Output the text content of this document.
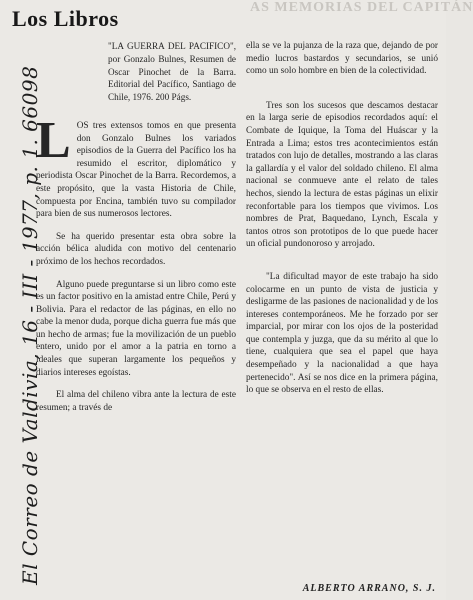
Los Libros	AS MEMORIAS DEL CAPITÁN
El Correo de Valdivia, 16 - III - 1977, p. 1. 66098
"LA GUERRA DEL PACIFICO", por Gonzalo Bulnes, Resumen de Oscar Pinochet de la Barra. Editorial del Pacífico, Santiago de Chile, 1976. 200 Págs.
L OS tres extensos tomos en que presenta don Gonzalo Bulnes los variados episodios de la Guerra del Pacífico los ha resumido el escritor, diplomático y periodista Oscar Pinochet de la Barra. Recordemos, a este propósito, que la vasta Historia de Chile, compuesta por Encina, también tuvo su compilador para bien de sus numerosos lectores.
Se ha querido presentar esta obra sobre la acción bélica aludida con motivo del centenario próximo de los hechos recordados.
Alguno puede preguntarse si un libro como este es un factor positivo en la amistad entre Chile, Perú y Bolivia. Para el redactor de las páginas, en ello no cabe la menor duda, porque dicha guerra fue más que un hecho de armas; fue la movilización de un pueblo entero, unido por el amor a la patria en torno a ideales que superan largamente los pequeños y diarios intereses egoístas.
El alma del chileno vibra ante la lectura de este resumen; a través de
ella se ve la pujanza de la raza que, dejando de por medio lucros bastardos y secundarios, se unió como un solo hombre en bien de la colectividad.
Tres son los sucesos que descamos destacar en la larga serie de episodios recordados aquí: el Combate de Iquique, la Toma del Huáscar y la Entrada a Lima; estos tres acontecimientos están tratados con lujo de detalles, mostrando a las claras la gallardía y el valor del soldado chileno. El alma nacional se conmueve ante el relato de tales hechos, siendo la lectura de estas páginas un elixir reconfortable para los tiempos que vivimos. Los nombres de Prat, Baquedano, Lynch, Escala y tantos otros son prototipos de lo que puede hacer un oficial pundonoroso y arrojado.
"La dificultad mayor de este trabajo ha sido colocarme en un punto de vista de justicia y desligarme de las pasiones de nacionalidad y de los intereses contemporáneos. Me he forzado por ser imparcial, por mirar con los ojos de la posteridad que contempla y juzga, que da su mérito al que lo tiene, cualquiera que sea el papel que haya desempeñado y la nacionalidad a que haya pertenecido". Así se nos dice en la primera página, lo que se observa en el resto de ellas.
ALBERTO ARRANO, S. J.
